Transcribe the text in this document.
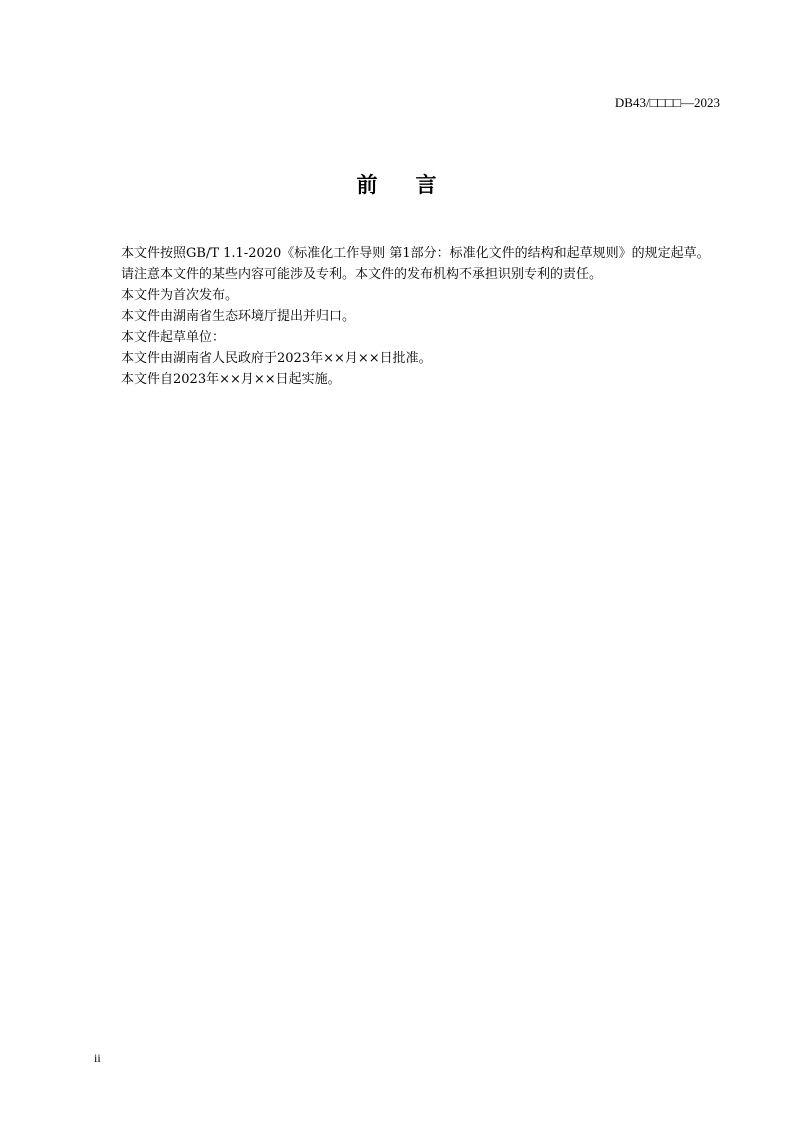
DB43/□□□□—2023
前言

本文件按照GB/T 1.1-2020《标准化工作导则 第1部分：标准化文件的结构和起草规则》的规定起草。

请注意本文件的某些内容可能涉及专利。本文件的发布机构不承担识别专利的责任。

本文件为首次发布。

本文件由湖南省生态环境厅提出并归口。

本文件起草单位：

本文件由湖南省人民政府于2023年××月××日批准。

本文件自2023年××月××日起实施。

ii
